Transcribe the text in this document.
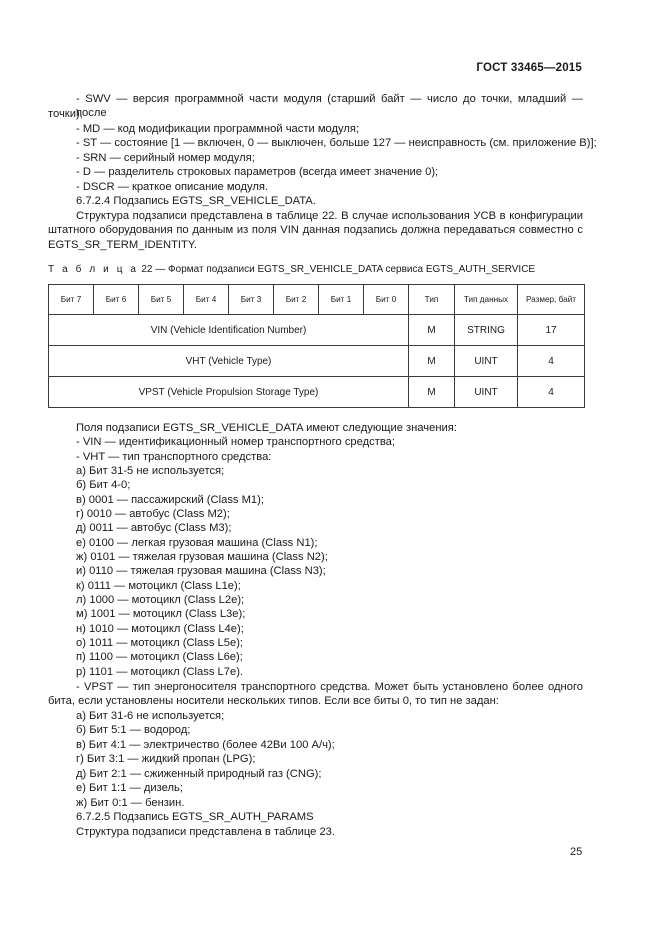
ГОСТ 33465—2015
- SWV — версия программной части модуля (старший байт — число до точки, младший — после
точки),
- MD — код модификации программной части модуля;
- ST — состояние [1 — включен, 0 — выключен, больше 127 — неисправность (см. приложение В)];
- SRN — серийный номер модуля;
- D — разделитель строковых параметров (всегда имеет значение 0);
- DSCR — краткое описание модуля.
6.7.2.4 Подзапись EGTS_SR_VEHICLE_DATA.
Структура подзаписи представлена в таблице 22. В случае использования УСВ в конфигурации
штатного оборудования по данным из поля VIN данная подзапись должна передаваться совместно с
EGTS_SR_TERM_IDENTITY.
Т а б л и ц а 22 — Формат подзаписи EGTS_SR_VEHICLE_DATA сервиса EGTS_AUTH_SERVICE
Бит 7	Бит 6	Бит 5	Бит 4	Бит 3	Бит 2	Бит 1	Бит 0	Тип	Тип данных	Размер, байт
VIN (Vehicle Identification Number)								M	STRING	17
VHT (Vehicle Type)								M	UINT	4
VPST (Vehicle Propulsion Storage Type)								M	UINT	4
Поля подзаписи EGTS_SR_VEHICLE_DATA имеют следующие значения:
- VIN — идентификационный номер транспортного средства;
- VHT — тип транспортного средства:
а) Бит 31-5 не используется;
б) Бит 4-0;
в) 0001 — пассажирский (Class M1);
г) 0010 — автобус (Class M2);
д) 0011 — автобус (Class M3);
е) 0100 — легкая грузовая машина (Class N1);
ж) 0101 — тяжелая грузовая машина (Class N2);
и) 0110 — тяжелая грузовая машина (Class N3);
к) 0111 — мотоцикл (Class L1e);
л) 1000 — мотоцикл (Class L2e);
м) 1001 — мотоцикл (Class L3e);
н) 1010 — мотоцикл (Class L4e);
о) 1011 — мотоцикл (Class L5e);
п) 1100 — мотоцикл (Class L6e);
р) 1101 — мотоцикл (Class L7e).
- VPST — тип энергоносителя транспортного средства. Может быть установлено более одного
бита, если установлены носители нескольких типов. Если все биты 0, то тип не задан:
а) Бит 31-6 не используется;
б) Бит 5:1 — водород;
в) Бит 4:1 — электричество (более 42Ви 100 А/ч);
г) Бит 3:1 — жидкий пропан (LPG);
д) Бит 2:1 — сжиженный природный газ (CNG);
е) Бит 1:1 — дизель;
ж) Бит 0:1 — бензин.
6.7.2.5 Подзапись EGTS_SR_AUTH_PARAMS
Структура подзаписи представлена в таблице 23.
25
